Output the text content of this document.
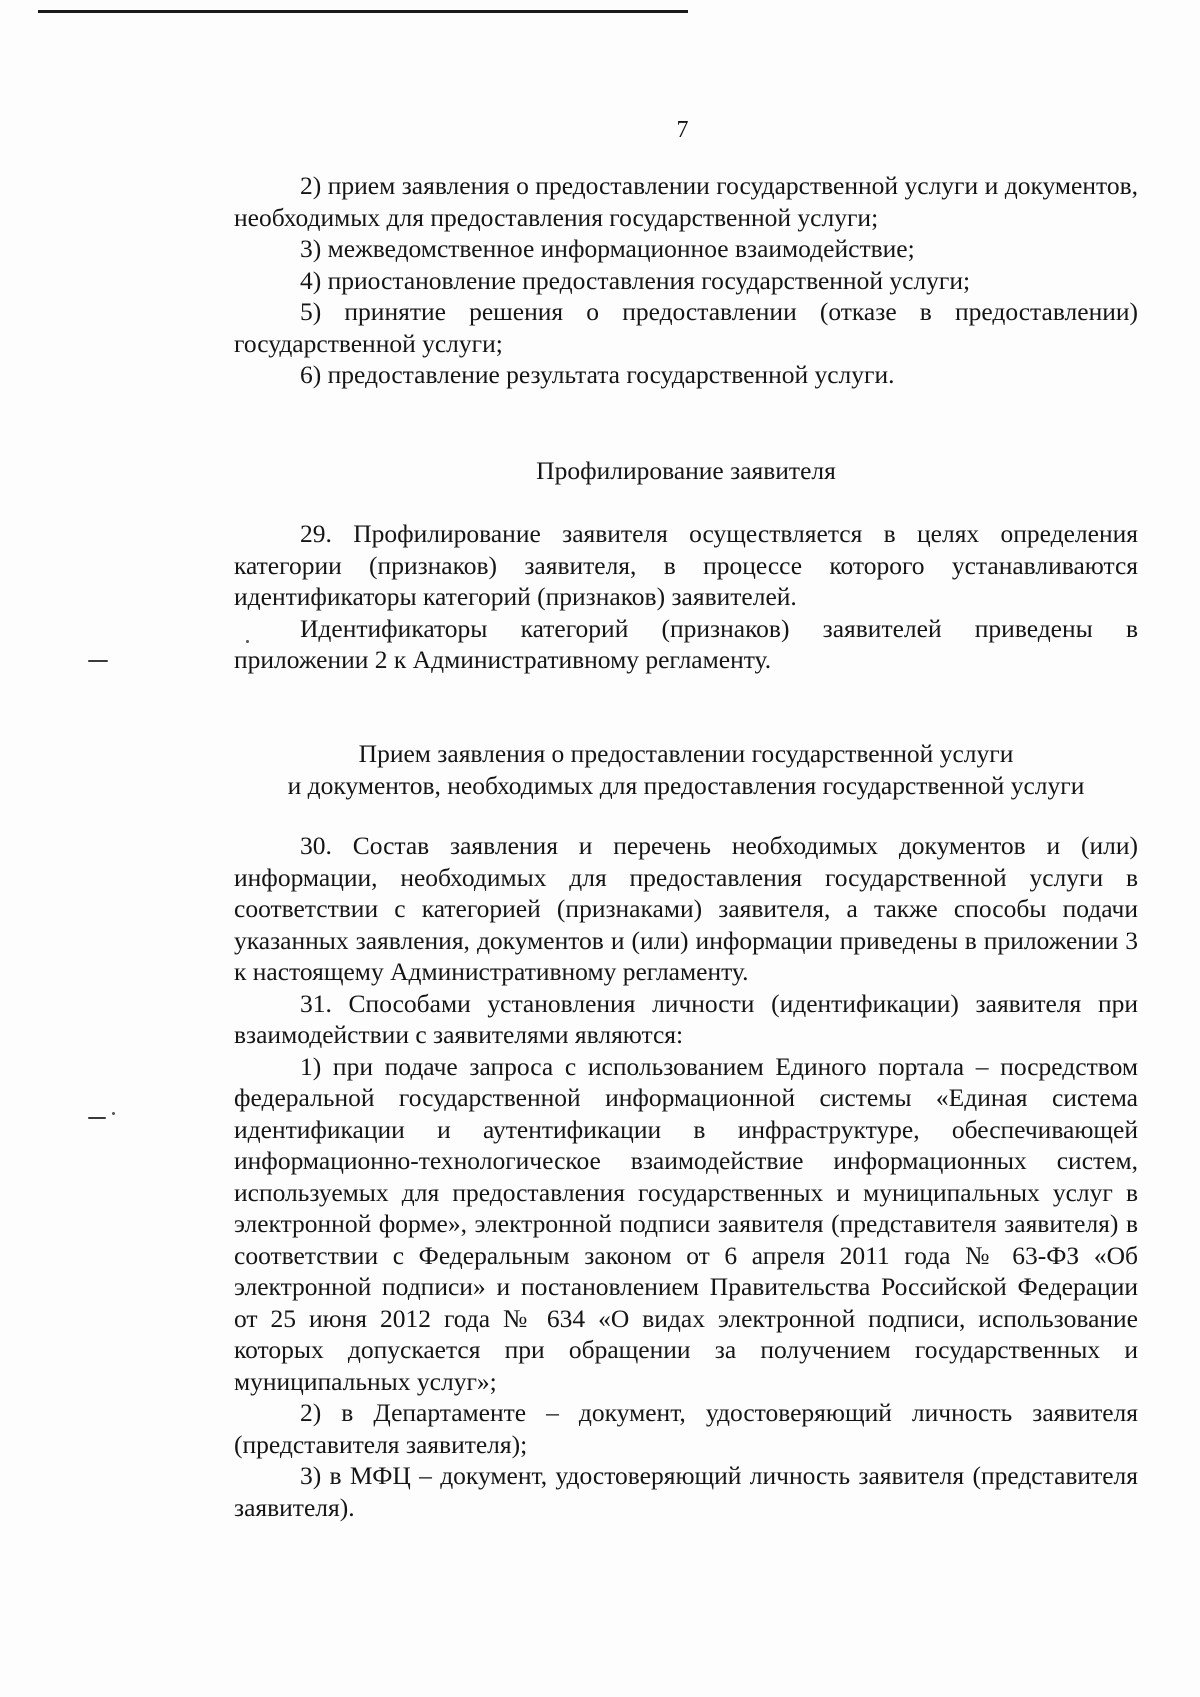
7

2) прием заявления о предоставлении государственной услуги и документов, необходимых для предоставления государственной услуги;

3) межведомственное информационное взаимодействие;

4) приостановление предоставления государственной услуги;

5) принятие решения о предоставлении (отказе в предоставлении) государственной услуги;

6) предоставление результата государственной услуги.

Профилирование заявителя

29. Профилирование заявителя осуществляется в целях определения категории (признаков) заявителя, в процессе которого устанавливаются идентификаторы категорий (признаков) заявителей.

Идентификаторы категорий (признаков) заявителей приведены в приложении 2 к Административному регламенту.

Прием заявления о предоставлении государственной услуги
и документов, необходимых для предоставления государственной услуги

30. Состав заявления и перечень необходимых документов и (или) информации, необходимых для предоставления государственной услуги в соответствии с категорией (признаками) заявителя, а также способы подачи указанных заявления, документов и (или) информации приведены в приложении 3 к настоящему Административному регламенту.

31. Способами установления личности (идентификации) заявителя при взаимодействии с заявителями являются:

1) при подаче запроса с использованием Единого портала – посредством федеральной государственной информационной системы «Единая система идентификации и аутентификации в инфраструктуре, обеспечивающей информационно-технологическое взаимодействие информационных систем, используемых для предоставления государственных и муниципальных услуг в электронной форме», электронной подписи заявителя (представителя заявителя) в соответствии с Федеральным законом от 6 апреля 2011 года № 63-ФЗ «Об электронной подписи» и постановлением Правительства Российской Федерации от 25 июня 2012 года № 634 «О видах электронной подписи, использование которых допускается при обращении за получением государственных и муниципальных услуг»;

2) в Департаменте – документ, удостоверяющий личность заявителя (представителя заявителя);

3) в МФЦ – документ, удостоверяющий личность заявителя (представителя заявителя).
